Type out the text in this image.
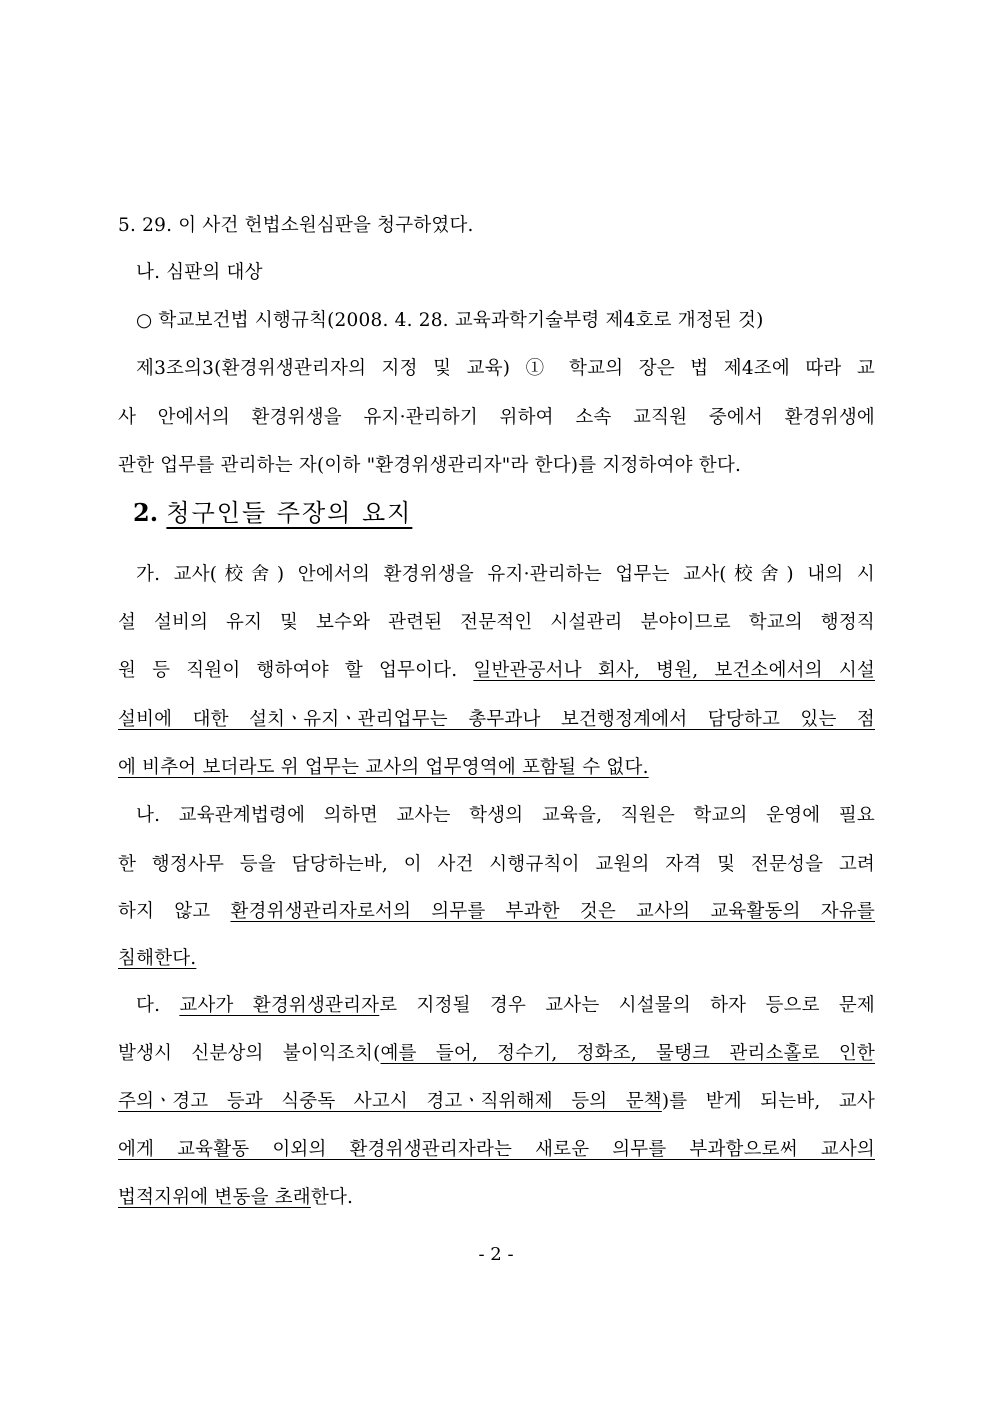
5. 29. 이 사건 헌법소원심판을 청구하였다.
나. 심판의 대상
○ 학교보건법 시행규칙(2008. 4. 28. 교육과학기술부령 제4호로 개정된 것)
제3조의3(환경위생관리자의 지정 및 교육) ① 학교의 장은 법 제4조에 따라 교
사 안에서의 환경위생을 유지·관리하기 위하여 소속 교직원 중에서 환경위생에
관한 업무를 관리하는 자(이하 "환경위생관리자"라 한다)를 지정하여야 한다.
2. 청구인들 주장의 요지
가. 교사(校舍) 안에서의 환경위생을 유지·관리하는 업무는 교사(校舍) 내의 시
설 설비의 유지 및 보수와 관련된 전문적인 시설관리 분야이므로 학교의 행정직
원 등 직원이 행하여야 할 업무이다. 일반관공서나 회사, 병원, 보건소에서의 시설
설비에 대한 설치ㆍ유지ㆍ관리업무는 총무과나 보건행정계에서 담당하고 있는 점
에 비추어 보더라도 위 업무는 교사의 업무영역에 포함될 수 없다.
나. 교육관계법령에 의하면 교사는 학생의 교육을, 직원은 학교의 운영에 필요
한 행정사무 등을 담당하는바, 이 사건 시행규칙이 교원의 자격 및 전문성을 고려
하지 않고 환경위생관리자로서의 의무를 부과한 것은 교사의 교육활동의 자유를
침해한다.
다. 교사가 환경위생관리자로 지정될 경우 교사는 시설물의 하자 등으로 문제
발생시 신분상의 불이익조치(예를 들어, 정수기, 정화조, 물탱크 관리소홀로 인한
주의ㆍ경고 등과 식중독 사고시 경고ㆍ직위해제 등의 문책)를 받게 되는바, 교사
에게 교육활동 이외의 환경위생관리자라는 새로운 의무를 부과함으로써 교사의
법적지위에 변동을 초래한다.
- 2 -
